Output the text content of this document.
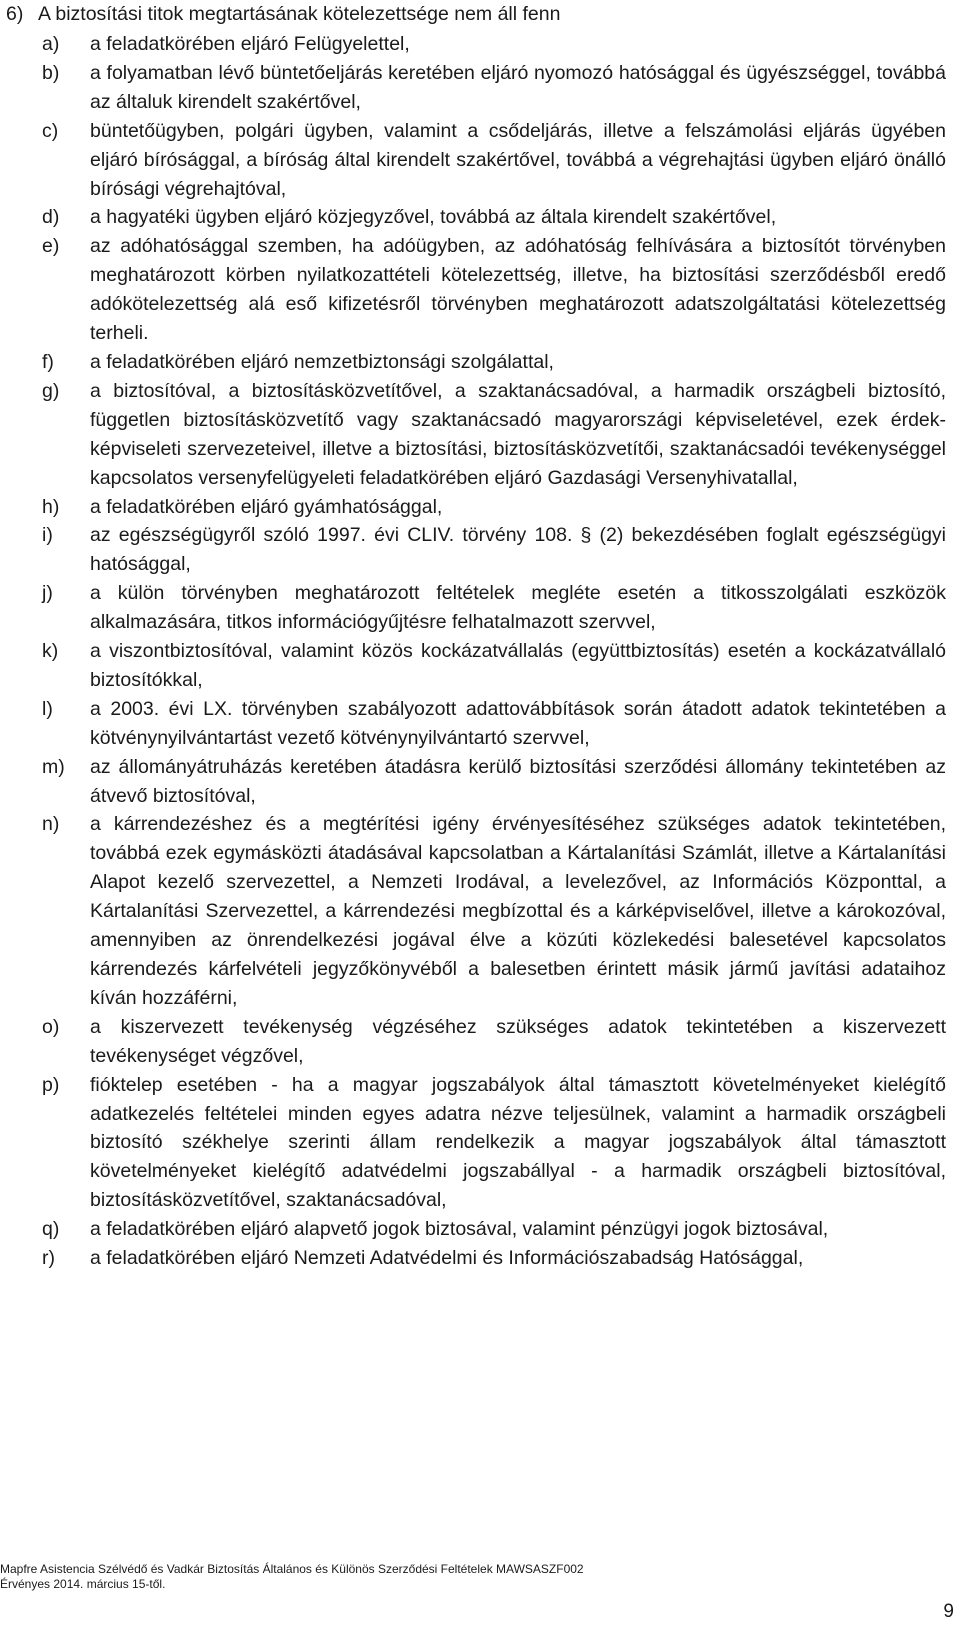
6) A biztosítási titok megtartásának kötelezettsége nem áll fenn
a) a feladatkörében eljáró Felügyelettel,
b) a folyamatban lévő büntetőeljárás keretében eljáró nyomozó hatósággal és ügyészséggel, továbbá az általuk kirendelt szakértővel,
c) büntetőügyben, polgári ügyben, valamint a csődeljárás, illetve a felszámolási eljárás ügyében eljáró bírósággal, a bíróság által kirendelt szakértővel, továbbá a végrehajtási ügyben eljáró önálló bírósági végrehajtóval,
d) a hagyatéki ügyben eljáró közjegyzővel, továbbá az általa kirendelt szakértővel,
e) az adóhatósággal szemben, ha adóügyben, az adóhatóság felhívására a biztosítót törvényben meghatározott körben nyilatkozattételi kötelezettség, illetve, ha biztosítási szerződésből eredő adókötelezettség alá eső kifizetésről törvényben meghatározott adatszolgáltatási kötelezettség terheli.
f) a feladatkörében eljáró nemzetbiztonsági szolgálattal,
g) a biztosítóval, a biztosításközvetítővel, a szaktanácsadóval, a harmadik országbeli biztosító, független biztosításközvetítő vagy szaktanácsadó magyarországi képviseletével, ezek érdek-képviseleti szervezeteivel, illetve a biztosítási, biztosításközvetítői, szaktanácsadói tevékenységgel kapcsolatos versenyfelügyeleti feladatkörében eljáró Gazdasági Versenyhivatallal,
h) a feladatkörében eljáró gyámhatósággal,
i) az egészségügyről szóló 1997. évi CLIV. törvény 108. § (2) bekezdésében foglalt egészségügyi hatósággal,
j) a külön törvényben meghatározott feltételek megléte esetén a titkosszolgálati eszközök alkalmazására, titkos információgyűjtésre felhatalmazott szervvel,
k) a viszontbiztosítóval, valamint közös kockázatvállalás (együttbiztosítás) esetén a kockázatvállaló biztosítókkal,
l) a 2003. évi LX. törvényben szabályozott adattovábbítások során átadott adatok tekintetében a kötvénynyilvántartást vezető kötvénynyilvántartó szervvel,
m) az állományátruházás keretében átadásra kerülő biztosítási szerződési állomány tekintetében az átvevő biztosítóval,
n) a kárrendezéshez és a megtérítési igény érvényesítéséhez szükséges adatok tekintetében, továbbá ezek egymásközti átadásával kapcsolatban a Kártalanítási Számlát, illetve a Kártalanítási Alapot kezelő szervezettel, a Nemzeti Irodával, a levelezővel, az Információs Központtal, a Kártalanítási Szervezettel, a kárrendezési megbízottal és a kárképviselővel, illetve a károkozóval, amennyiben az önrendelkezési jogával élve a közúti közlekedési balesetével kapcsolatos kárrendezés kárfelvételi jegyzőkönyvéből a balesetben érintett másik jármű javítási adataihoz kíván hozzáférni,
o) a kiszervezett tevékenység végzéséhez szükséges adatok tekintetében a kiszervezett tevékenységet végzővel,
p) fióktelep esetében - ha a magyar jogszabályok által támasztott követelményeket kielégítő adatkezelés feltételei minden egyes adatra nézve teljesülnek, valamint a harmadik országbeli biztosító székhelye szerinti állam rendelkezik a magyar jogszabályok által támasztott követelményeket kielégítő adatvédelmi jogszabállyal - a harmadik országbeli biztosítóval, biztosításközvetítővel, szaktanácsadóval,
q) a feladatkörében eljáró alapvető jogok biztosával, valamint pénzügyi jogok biztosával,
r) a feladatkörében eljáró Nemzeti Adatvédelmi és Információszabadság Hatósággal,
Mapfre Asistencia Szélvédő és Vadkár Biztosítás Általános és Különös Szerződési Feltételek MAWSASZF002
Érvényes 2014. március 15-től.
9
